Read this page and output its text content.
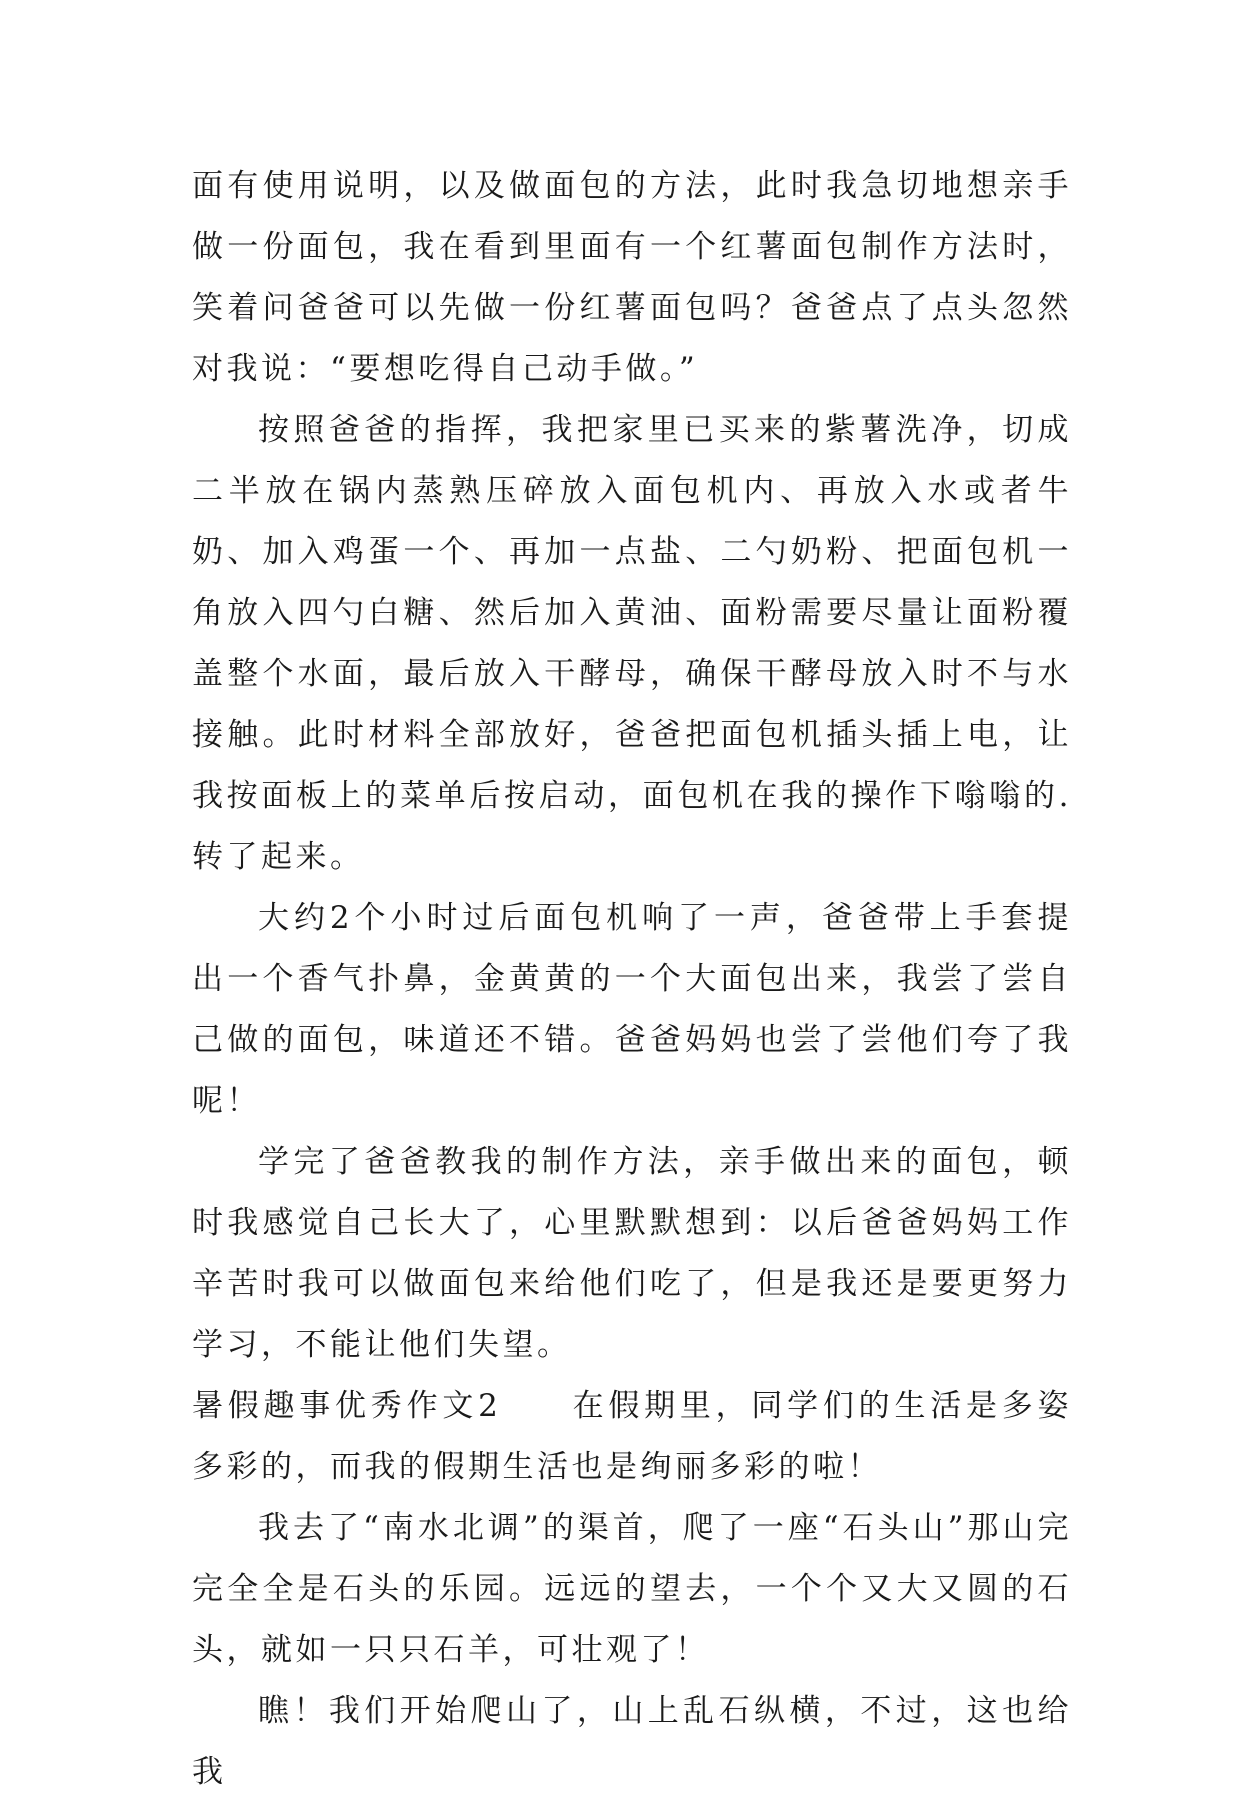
面有使用说明，以及做面包的方法，此时我急切地想亲手做一份面包，我在看到里面有一个红薯面包制作方法时，笑着问爸爸可以先做一份红薯面包吗？爸爸点了点头忽然对我说：“要想吃得自己动手做。”

按照爸爸的指挥，我把家里已买来的紫薯洗净，切成二半放在锅内蒸熟压碎放入面包机内、再放入水或者牛奶、加入鸡蛋一个、再加一点盐、二勺奶粉、把面包机一角放入四勺白糖、然后加入黄油、面粉需要尽量让面粉覆盖整个水面，最后放入干酵母，确保干酵母放入时不与水接触。此时材料全部放好，爸爸把面包机插头插上电，让我按面板上的菜单后按启动，面包机在我的操作下嗡嗡的.转了起来。

大约2个小时过后面包机响了一声，爸爸带上手套提出一个香气扑鼻，金黄黄的一个大面包出来，我尝了尝自己做的面包，味道还不错。爸爸妈妈也尝了尝他们夸了我呢！

学完了爸爸教我的制作方法，亲手做出来的面包，顿时我感觉自己长大了，心里默默想到：以后爸爸妈妈工作辛苦时我可以做面包来给他们吃了，但是我还是要更努力学习，不能让他们失望。

暑假趣事优秀作文2 在假期里，同学们的生活是多姿多彩的，而我的假期生活也是绚丽多彩的啦！

我去了“南水北调”的渠首，爬了一座“石头山”那山完完全全是石头的乐园。远远的望去，一个个又大又圆的石头，就如一只只石羊，可壮观了！

瞧！我们开始爬山了，山上乱石纵横，不过，这也给我
